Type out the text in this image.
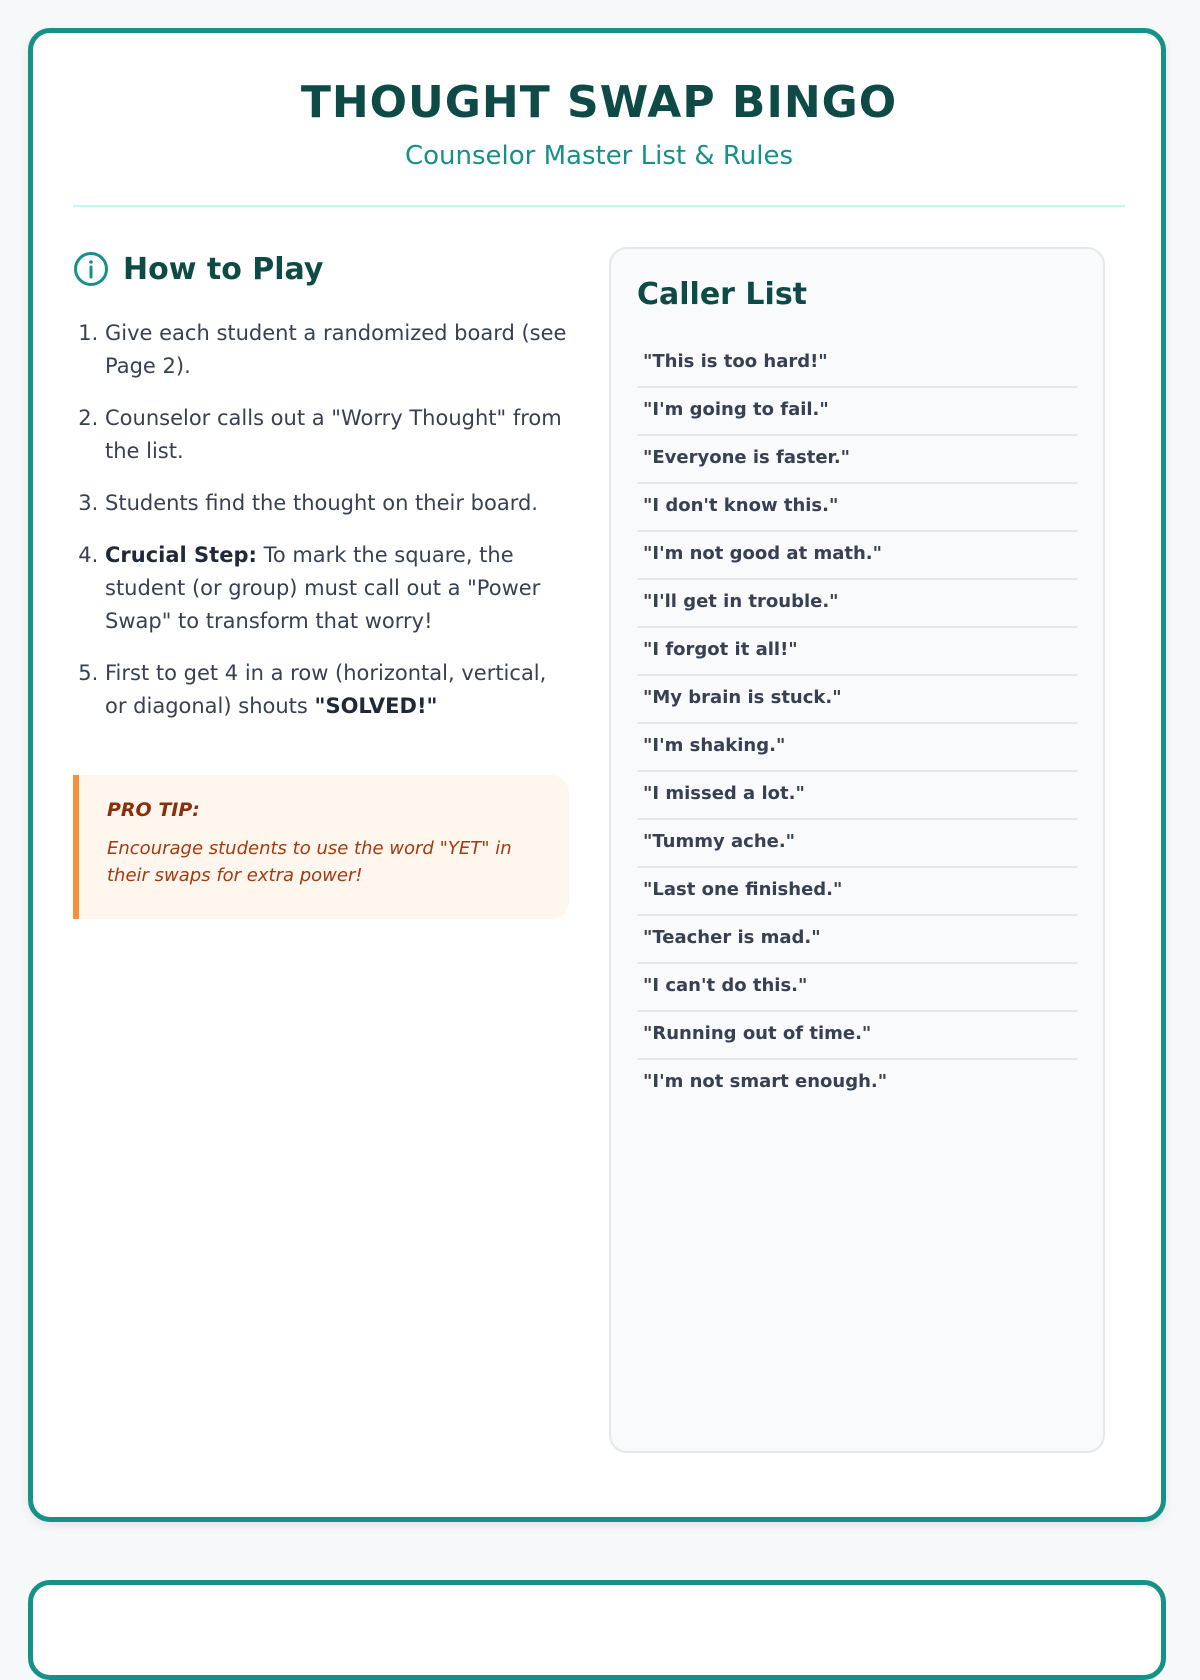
THOUGHT SWAP BINGO

Counselor Master List & Rules

How to Play
1. Give each student a randomized board (see Page 2).
2. Counselor calls out a "Worry Thought" from the list.
3. Students find the thought on their board.
4. Crucial Step: To mark the square, the student (or group) must call out a "Power Swap" to transform that worry!
5. First to get 4 in a row (horizontal, vertical, or diagonal) shouts "SOLVED!"

PRO TIP:

Encourage students to use the word "YET" in their swaps for extra power!

Caller List
"This is too hard!"
"I'm going to fail."
"Everyone is faster."
"I don't know this."
"I'm not good at math."
"I'll get in trouble."
"I forgot it all!"
"My brain is stuck."
"I'm shaking."
"I missed a lot."
"Tummy ache."
"Last one finished."
"Teacher is mad."
"I can't do this."
"Running out of time."
"I'm not smart enough."
